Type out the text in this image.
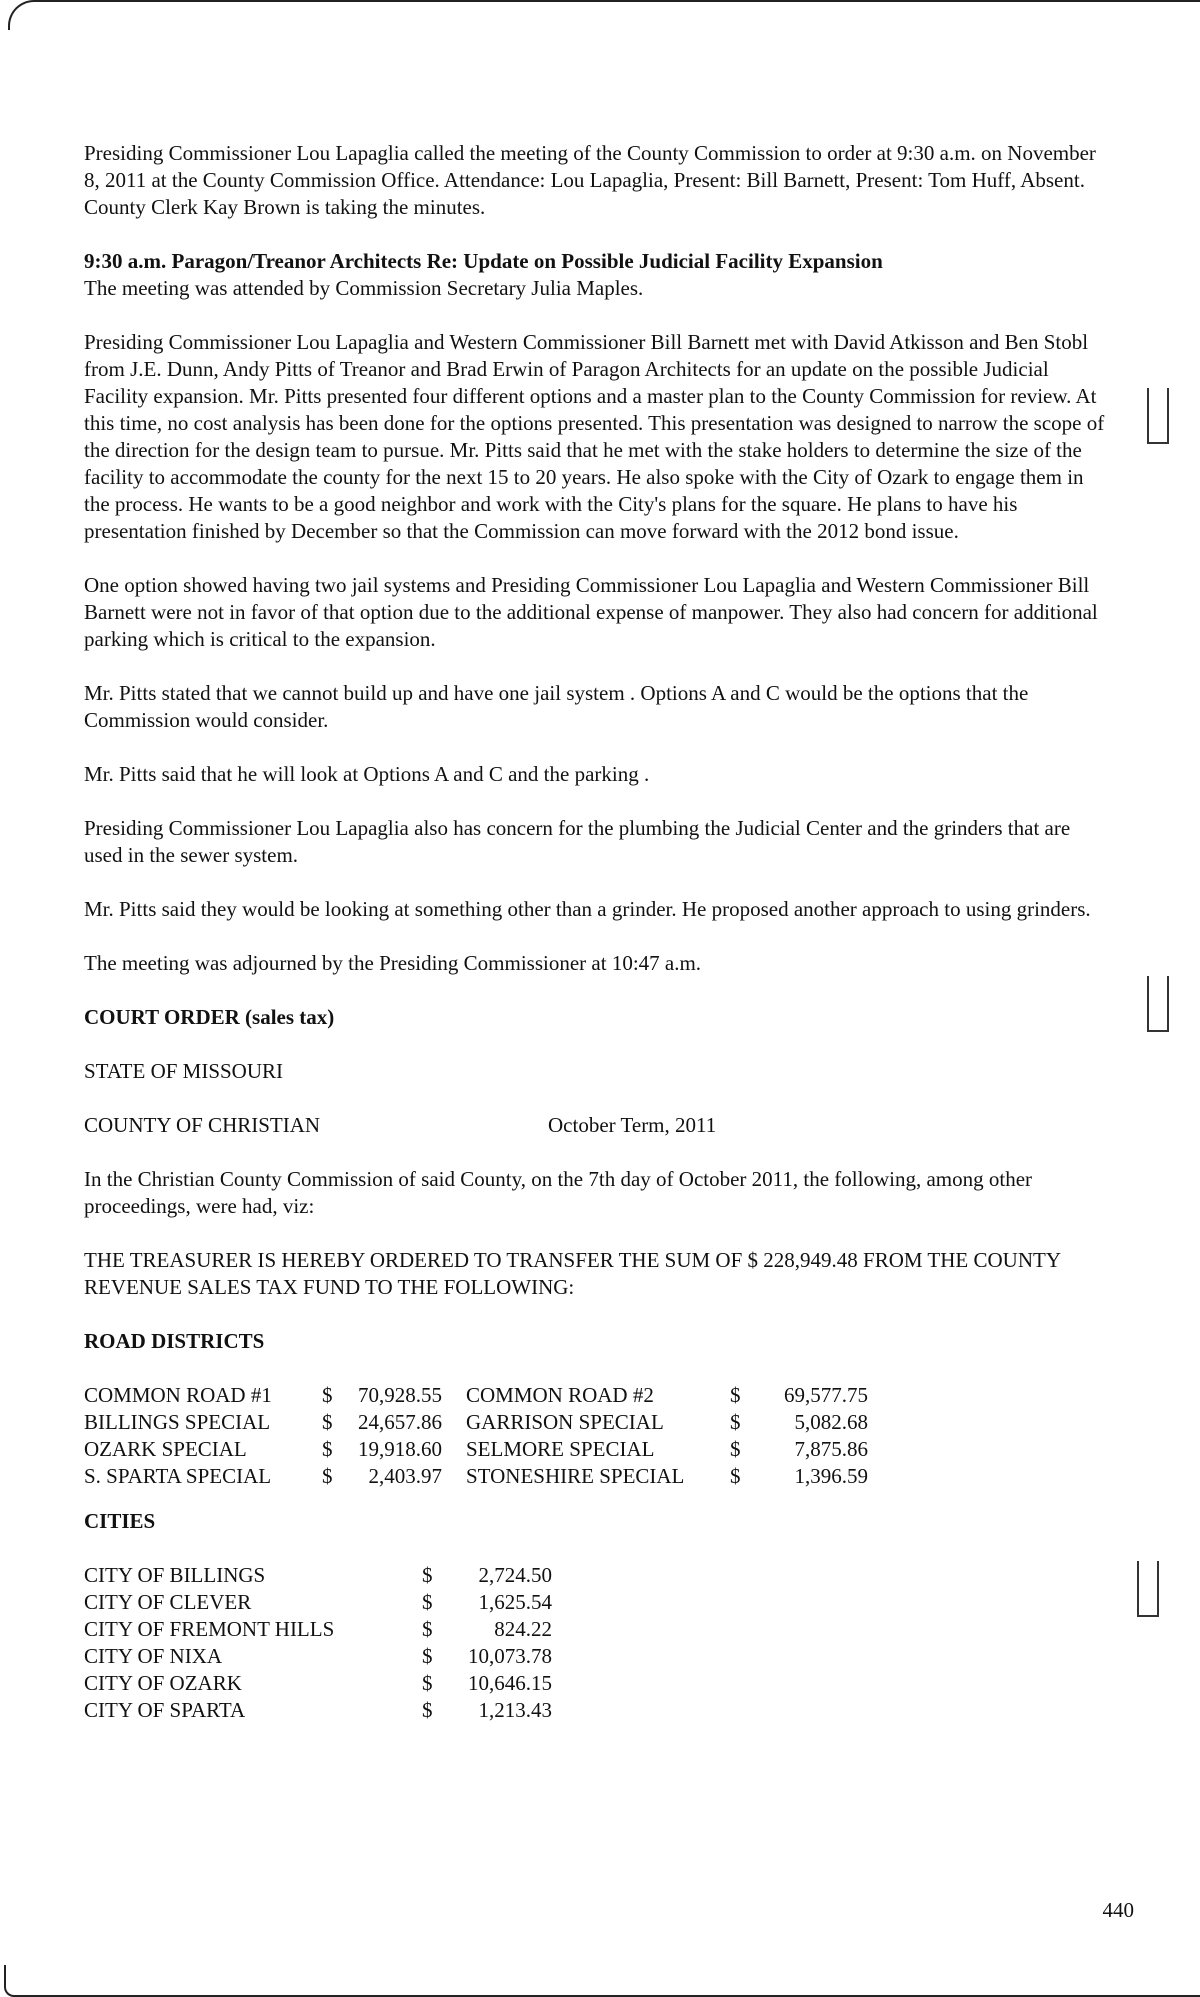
Presiding Commissioner Lou Lapaglia called the meeting of the County Commission to order at 9:30 a.m. on November 8, 2011 at the County Commission Office. Attendance: Lou Lapaglia, Present: Bill Barnett, Present: Tom Huff, Absent. County Clerk Kay Brown is taking the minutes.

9:30 a.m. Paragon/Treanor Architects Re: Update on Possible Judicial Facility Expansion

The meeting was attended by Commission Secretary Julia Maples.

Presiding Commissioner Lou Lapaglia and Western Commissioner Bill Barnett met with David Atkisson and Ben Stobl from J.E. Dunn, Andy Pitts of Treanor and Brad Erwin of Paragon Architects for an update on the possible Judicial Facility expansion. Mr. Pitts presented four different options and a master plan to the County Commission for review. At this time, no cost analysis has been done for the options presented. This presentation was designed to narrow the scope of the direction for the design team to pursue. Mr. Pitts said that he met with the stake holders to determine the size of the facility to accommodate the county for the next 15 to 20 years. He also spoke with the City of Ozark to engage them in the process. He wants to be a good neighbor and work with the City's plans for the square. He plans to have his presentation finished by December so that the Commission can move forward with the 2012 bond issue.

One option showed having two jail systems and Presiding Commissioner Lou Lapaglia and Western Commissioner Bill Barnett were not in favor of that option due to the additional expense of manpower. They also had concern for additional parking which is critical to the expansion.

Mr. Pitts stated that we cannot build up and have one jail system . Options A and C would be the options that the Commission would consider.

Mr. Pitts said that he will look at Options A and C and the parking .

Presiding Commissioner Lou Lapaglia also has concern for the plumbing the Judicial Center and the grinders that are used in the sewer system.

Mr. Pitts said they would be looking at something other than a grinder. He proposed another approach to using grinders.

The meeting was adjourned by the Presiding Commissioner at 10:47 a.m.

COURT ORDER (sales tax)

STATE OF MISSOURI

COUNTY OF CHRISTIAN	October Term, 2011

In the Christian County Commission of said County, on the 7th day of October 2011, the following, among other proceedings, were had, viz:

THE TREASURER IS HEREBY ORDERED TO TRANSFER THE SUM OF $ 228,949.48 FROM THE COUNTY REVENUE SALES TAX FUND TO THE FOLLOWING:

ROAD DISTRICTS

COMMON ROAD #1	$	70,928.55	COMMON ROAD #2	$	69,577.75
BILLINGS SPECIAL	$	24,657.86	GARRISON SPECIAL	$	5,082.68
OZARK SPECIAL	$	19,918.60	SELMORE SPECIAL	$	7,875.86
S. SPARTA SPECIAL	$	2,403.97	STONESHIRE SPECIAL	$	1,396.59

CITIES

CITY OF BILLINGS	$	2,724.50
CITY OF CLEVER	$	1,625.54
CITY OF FREMONT HILLS	$	824.22
CITY OF NIXA	$	10,073.78
CITY OF OZARK	$	10,646.15
CITY OF SPARTA	$	1,213.43
440
